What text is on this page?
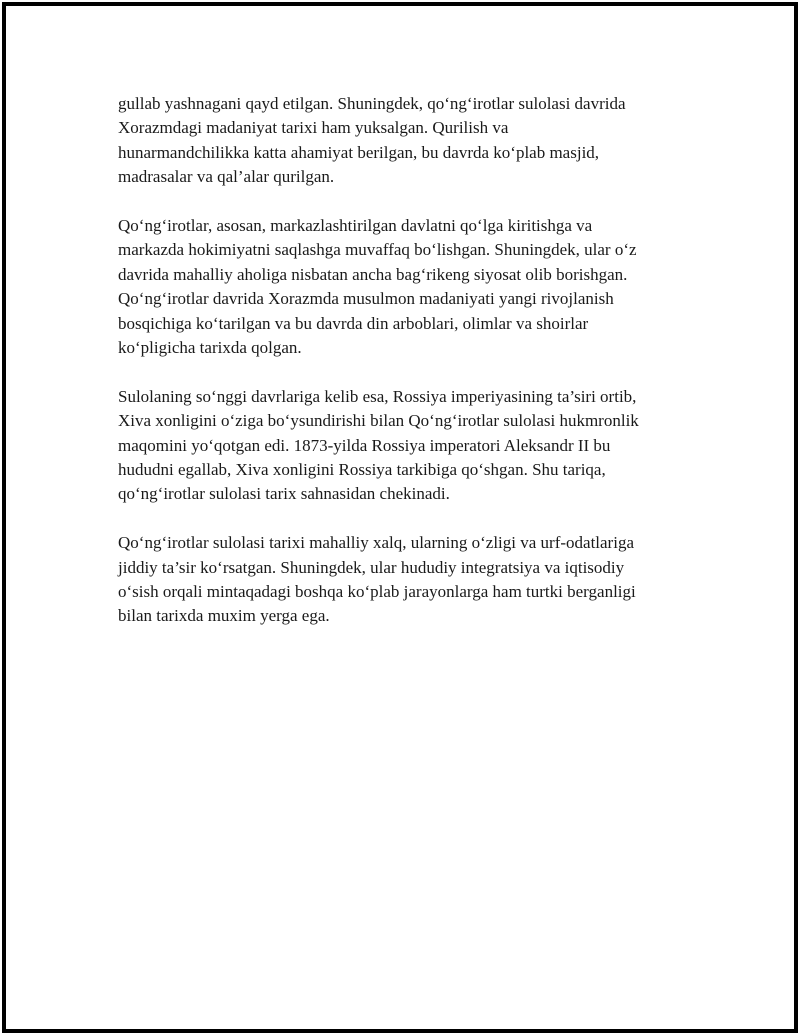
gullab yashnagani qayd etilgan. Shuningdek, qo‘ng‘irotlar sulolasi davrida
Xorazmdagi madaniyat tarixi ham yuksalgan. Qurilish va
hunarmandchilikka katta ahamiyat berilgan, bu davrda ko‘plab masjid,
madrasalar va qal’alar qurilgan.

Qo‘ng‘irotlar, asosan, markazlashtirilgan davlatni qo‘lga kiritishga va
markazda hokimiyatni saqlashga muvaffaq bo‘lishgan. Shuningdek, ular o‘z
davrida mahalliy aholiga nisbatan ancha bag‘rikeng siyosat olib borishgan.
Qo‘ng‘irotlar davrida Xorazmda musulmon madaniyati yangi rivojlanish
bosqichiga ko‘tarilgan va bu davrda din arboblari, olimlar va shoirlar
ko‘pligicha tarixda qolgan.

Sulolaning so‘nggi davrlariga kelib esa, Rossiya imperiyasining ta’siri ortib,
Xiva xonligini o‘ziga bo‘ysundirishi bilan Qo‘ng‘irotlar sulolasi hukmronlik
maqomini yo‘qotgan edi. 1873-yilda Rossiya imperatori Aleksandr II bu
hududni egallab, Xiva xonligini Rossiya tarkibiga qo‘shgan. Shu tariqa,
qo‘ng‘irotlar sulolasi tarix sahnasidan chekinadi.

Qo‘ng‘irotlar sulolasi tarixi mahalliy xalq, ularning o‘zligi va urf-odatlariga
jiddiy ta’sir ko‘rsatgan. Shuningdek, ular hududiy integratsiya va iqtisodiy
o‘sish orqali mintaqadagi boshqa ko‘plab jarayonlarga ham turtki berganligi
bilan tarixda muxim yerga ega.
